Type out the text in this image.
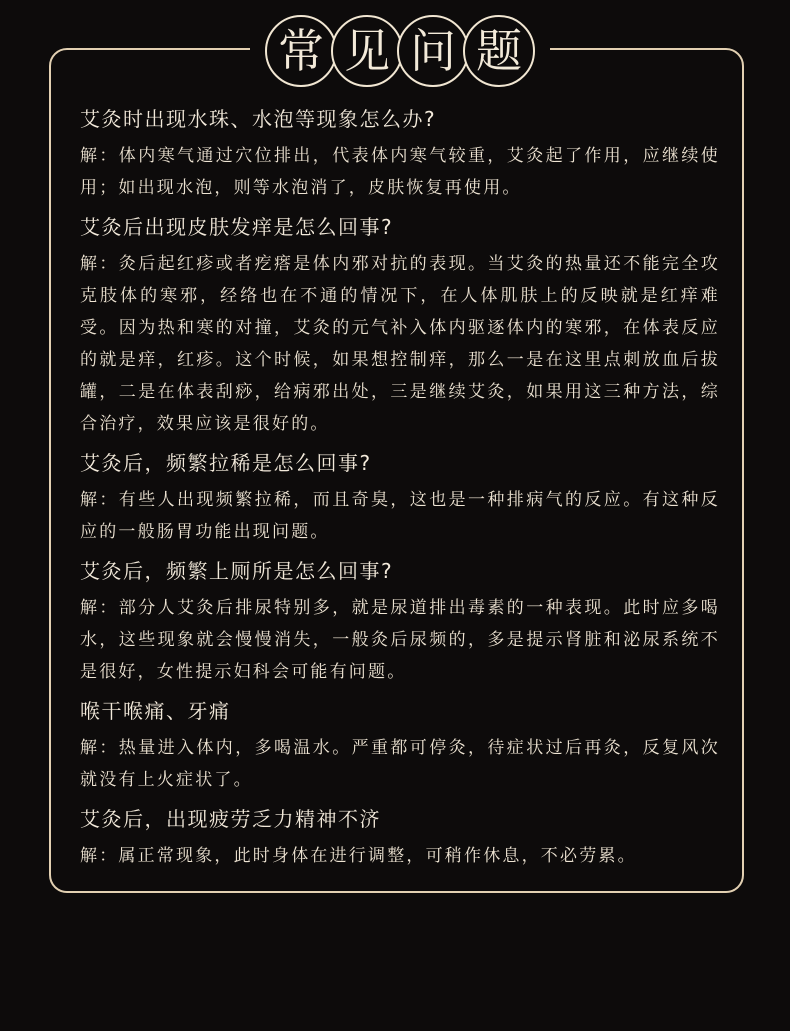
常 见 问 题
艾灸时出现水珠、水泡等现象怎么办?
解：体内寒气通过穴位排出，代表体内寒气较重，艾灸起了作用，应继续使用；如出现水泡，则等水泡消了，皮肤恢复再使用。
艾灸后出现皮肤发痒是怎么回事?
解：灸后起红疹或者疙瘩是体内邪对抗的表现。当艾灸的热量还不能完全攻克肢体的寒邪，经络也在不通的情况下，在人体肌肤上的反映就是红痒难受。因为热和寒的对撞，艾灸的元气补入体内驱逐体内的寒邪，在体表反应的就是痒，红疹。这个时候，如果想控制痒，那么一是在这里点刺放血后拔罐，二是在体表刮痧，给病邪出处，三是继续艾灸，如果用这三种方法，综合治疗，效果应该是很好的。
艾灸后，频繁拉稀是怎么回事?
解：有些人出现频繁拉稀，而且奇臭，这也是一种排病气的反应。有这种反应的一般肠胃功能出现问题。
艾灸后，频繁上厕所是怎么回事?
解：部分人艾灸后排尿特别多，就是尿道排出毒素的一种表现。此时应多喝水，这些现象就会慢慢消失，一般灸后尿频的，多是提示肾脏和泌尿系统不是很好，女性提示妇科会可能有问题。
喉干喉痛、牙痛
解：热量进入体内，多喝温水。严重都可停灸，待症状过后再灸，反复风次就没有上火症状了。
艾灸后，出现疲劳乏力精神不济
解：属正常现象，此时身体在进行调整，可稍作休息，不必劳累。
